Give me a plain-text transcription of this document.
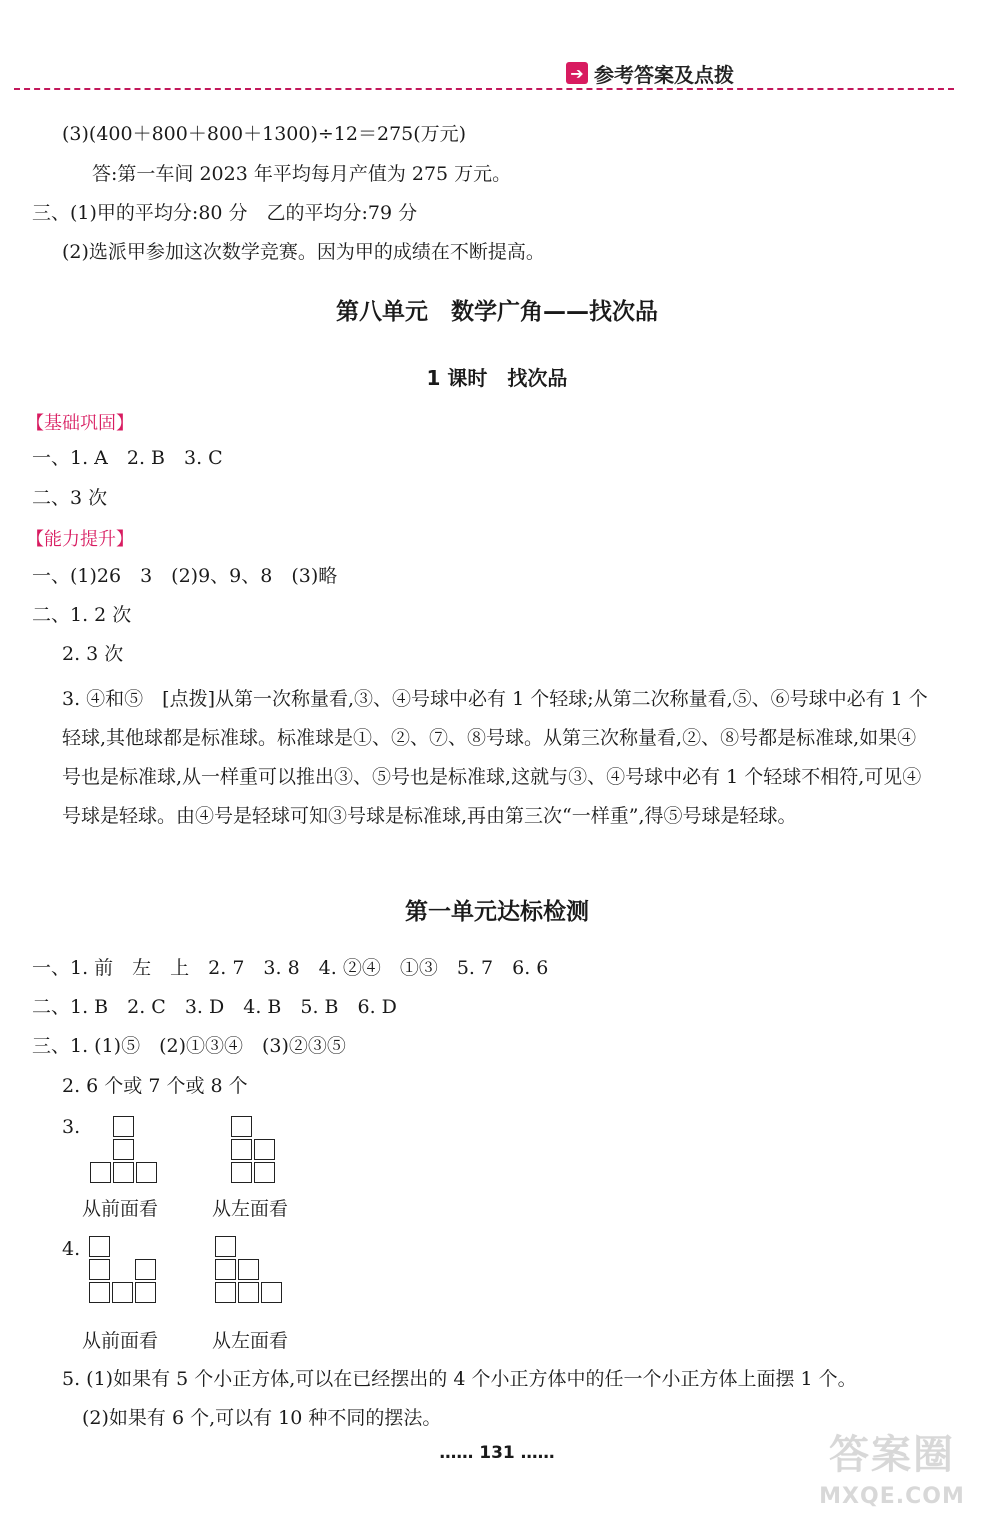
➔ 参考答案及点拨
(3)(400＋800＋800＋1300)÷12＝275(万元)
答:第一车间 2023 年平均每月产值为 275 万元。
三、(1)甲的平均分:80 分　乙的平均分:79 分
(2)选派甲参加这次数学竞赛。因为甲的成绩在不断提高。
第八单元　数学广角——找次品
1 课时　找次品
【基础巩固】
一、1. A　2. B　3. C
二、3 次
【能力提升】
一、(1)26　3　(2)9、9、8　(3)略
二、1. 2 次
2. 3 次
3. ④和⑤　[点拨]从第一次称量看,③、④号球中必有 1 个轻球;从第二次称量看,⑤、⑥号球中必有 1 个轻球,其他球都是标准球。标准球是①、②、⑦、⑧号球。从第三次称量看,②、⑧号都是标准球,如果④号也是标准球,从一样重可以推出③、⑤号也是标准球,这就与③、④号球中必有 1 个轻球不相符,可见④号球是轻球。由④号是轻球可知③号球是标准球,再由第三次“一样重”,得⑤号球是轻球。
第一单元达标检测
一、1. 前　左　上　2. 7　3. 8　4. ②④　①③　5. 7　6. 6
二、1. B　2. C　3. D　4. B　5. B　6. D
三、1. (1)⑤　(2)①③④　(3)②③⑤
2. 6 个或 7 个或 8 个
3.
从前面看	从左面看
4.
从前面看	从左面看
5. (1)如果有 5 个小正方体,可以在已经摆出的 4 个小正方体中的任一个小正方体上面摆 1 个。
(2)如果有 6 个,可以有 10 种不同的摆法。
…… 131 ……	答案圈
MXQE.COM
